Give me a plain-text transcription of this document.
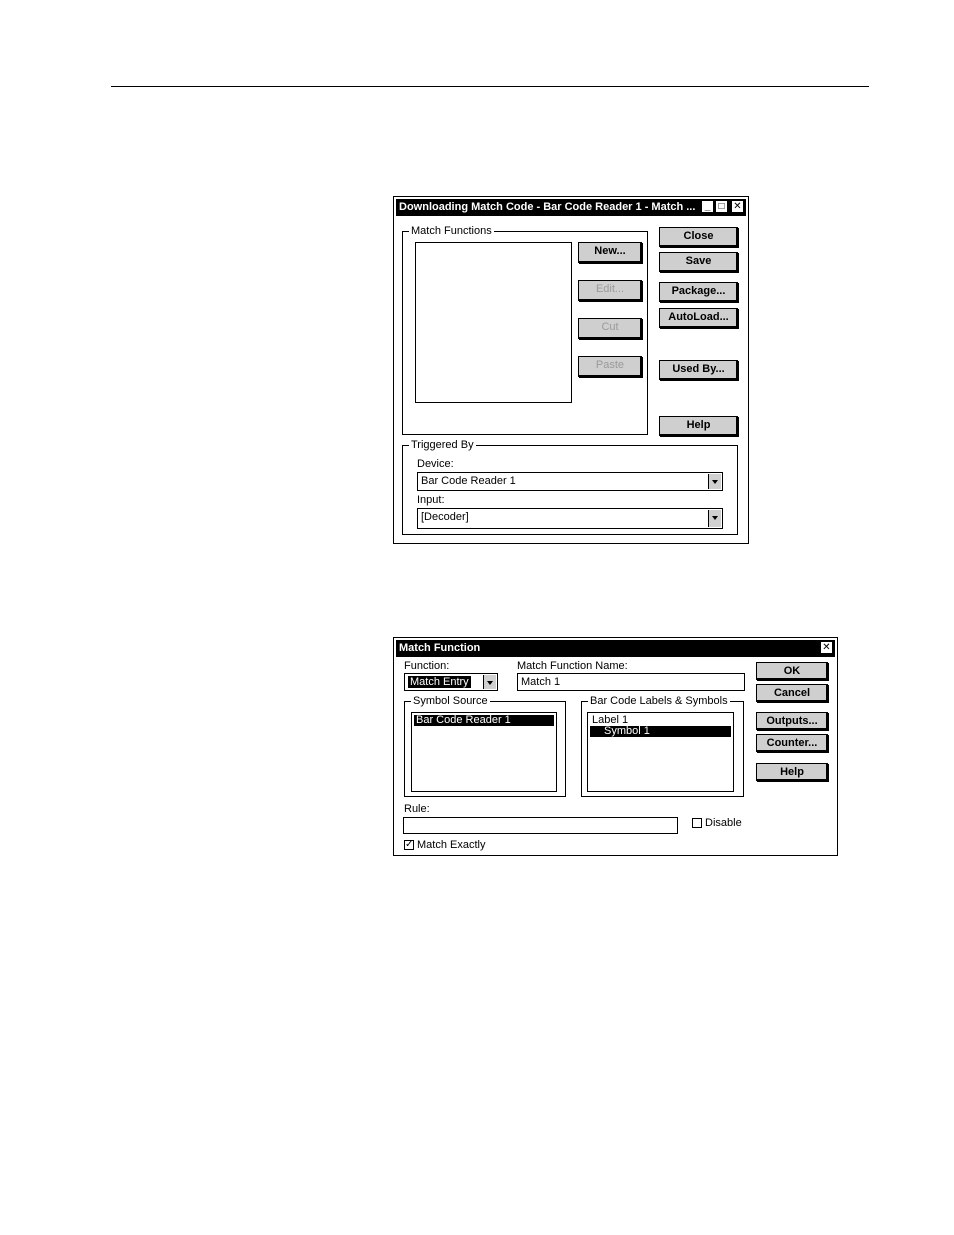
Downloading Match Code - Bar Code Reader 1 - Match ... _ □ ✕
Match Functions
New...
Edit...
Cut
Paste
Close
Save
Package...
AutoLoad...
Used By...
Help
Triggered By
Device:
Bar Code Reader 1
Input:
[Decoder]
Match Function	✕
Function:
Match Entry
Match Function Name:
Match 1
Symbol Source
Bar Code Reader 1
Bar Code Labels & Symbols
Label 1
Symbol 1
Rule:
Disable
✓ Match Exactly
OK
Cancel
Outputs...
Counter...
Help
